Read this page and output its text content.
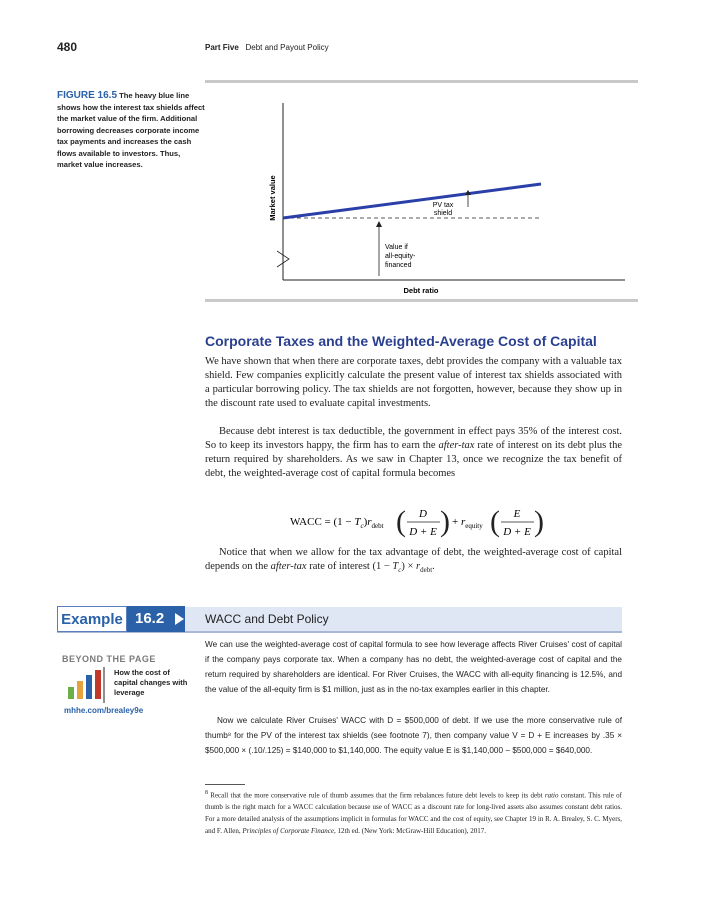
480	Part Five Debt and Payout Policy
FIGURE 16.5 The heavy blue line shows how the interest tax shields affect the market value of the firm. Additional borrowing decreases corporate income tax payments and increases the cash flows available to investors. Thus, market value increases.
PV tax
shield
Value if
all-equity-
financed
Debt ratio
Market value
Corporate Taxes and the Weighted-Average Cost of Capital

We have shown that when there are corporate taxes, debt provides the company with a valuable tax shield. Few companies explicitly calculate the present value of interest tax shields associated with a particular borrowing policy. The tax shields are not forgotten, however, because they show up in the discount rate used to evaluate capital investments.

Because debt interest is tax deductible, the government in effect pays 35% of the interest cost. So to keep its investors happy, the firm has to earn the after-tax rate of interest on its debt plus the return required by shareholders. As we saw in Chapter 13, once we recognize the tax benefit of debt, the weighted-average cost of capital formula becomes

WACC = $(1 - T_c)r_{debt}$ ( D
D + E ) + $r_{equity}$ ( E
D + E )

Notice that when we allow for the tax advantage of debt, the weighted-average cost of capital depends on the after-tax rate of interest $(1 - T_c) \times r_{debt}$.

Example 16.2	WACC and Debt Policy
BEYOND THE PAGE
How the cost of capital changes with leverage
mhhe.com/brealey9e

We can use the weighted-average cost of capital formula to see how leverage affects River Cruises' cost of capital if the company pays corporate tax. When a company has no debt, the weighted-average cost of capital and the return required by shareholders are identical. For River Cruises, the WACC with all-equity financing is 12.5%, and the value of the all-equity firm is $1 million, just as in the no-tax examples earlier in this chapter.

Now we calculate River Cruises' WACC with D = $500,000 of debt. If we use the more conservative rule of thumb⁸ for the PV of the interest tax shields (see footnote 7), then company value V = D + E increases by .35 × $500,000 × (.10/.125) = $140,000 to $1,140,000. The equity value E is $1,140,000 − $500,000 = $640,000.

$^8$ Recall that the more conservative rule of thumb assumes that the firm rebalances future debt levels to keep its debt ratio constant. This rule of thumb is the right match for a WACC calculation because use of WACC as a discount rate for long-lived assets also assumes constant debt ratios. For a more detailed analysis of the assumptions implicit in formulas for WACC and the cost of equity, see Chapter 19 in R. A. Brealey, S. C. Myers, and F. Allen, Principles of Corporate Finance, 12th ed. (New York: McGraw-Hill Education), 2017.
